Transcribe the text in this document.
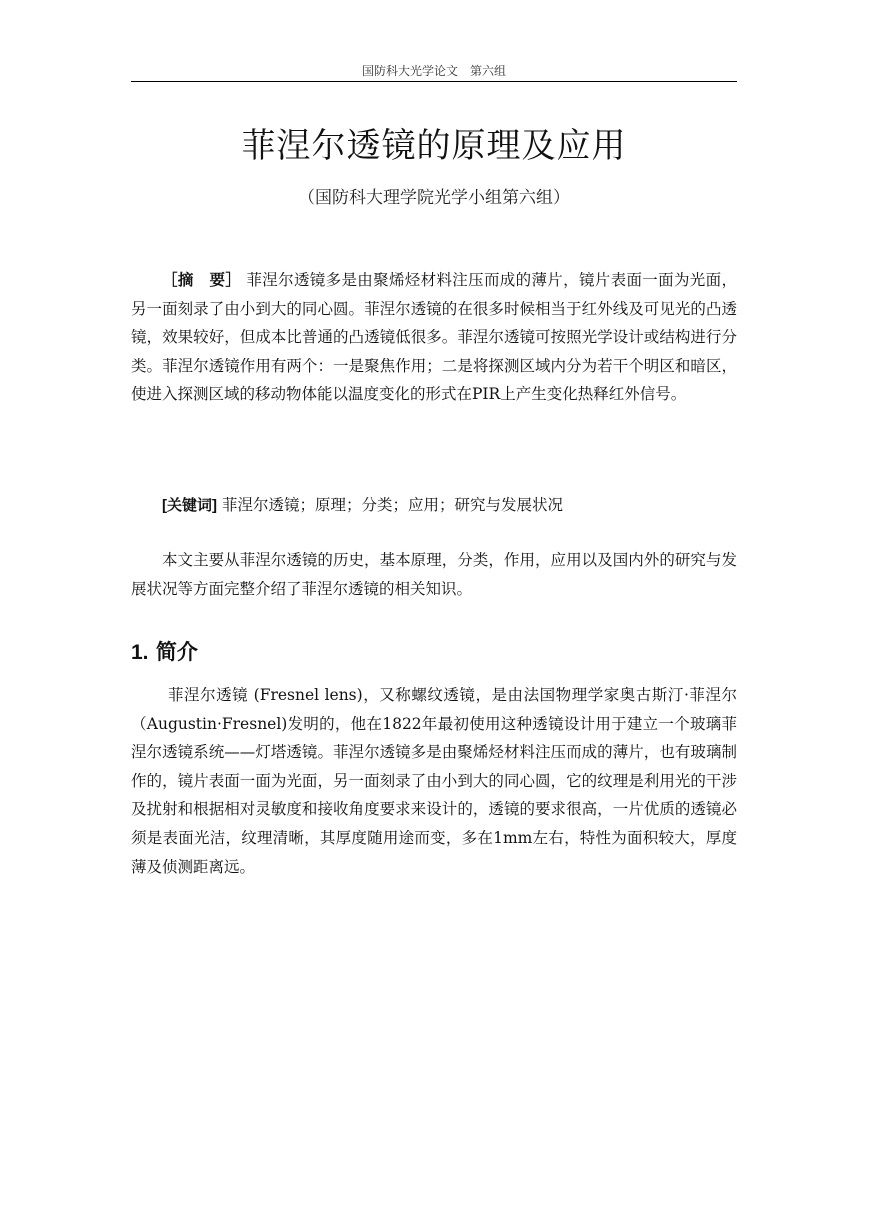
国防科大光学论文　第六组
菲涅尔透镜的原理及应用
（国防科大理学院光学小组第六组）

［摘　要］ 菲涅尔透镜多是由聚烯烃材料注压而成的薄片，镜片表面一面为光面，另一面刻录了由小到大的同心圆。菲涅尔透镜的在很多时候相当于红外线及可见光的凸透镜，效果较好，但成本比普通的凸透镜低很多。菲涅尔透镜可按照光学设计或结构进行分类。菲涅尔透镜作用有两个：一是聚焦作用；二是将探测区域内分为若干个明区和暗区，使进入探测区域的移动物体能以温度变化的形式在PIR上产生变化热释红外信号。

[关键词] 菲涅尔透镜；原理；分类；应用；研究与发展状况

本文主要从菲涅尔透镜的历史，基本原理，分类，作用，应用以及国内外的研究与发展状况等方面完整介绍了菲涅尔透镜的相关知识。

1. 简介

菲涅尔透镜 (Fresnel lens)，又称螺纹透镜，是由法国物理学家奥古斯汀·菲涅尔（Augustin·Fresnel)发明的，他在1822年最初使用这种透镜设计用于建立一个玻璃菲涅尔透镜系统——灯塔透镜。菲涅尔透镜多是由聚烯烃材料注压而成的薄片，也有玻璃制作的，镜片表面一面为光面，另一面刻录了由小到大的同心圆，它的纹理是利用光的干涉及扰射和根据相对灵敏度和接收角度要求来设计的，透镜的要求很高，一片优质的透镜必须是表面光洁，纹理清晰，其厚度随用途而变，多在1mm左右，特性为面积较大，厚度薄及侦测距离远。
